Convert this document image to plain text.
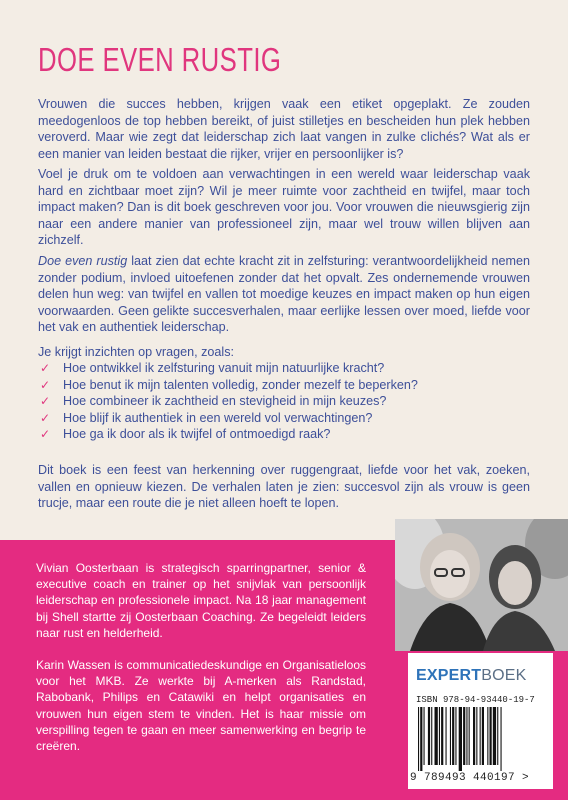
DOE EVEN RUSTIG
Vrouwen die succes hebben, krijgen vaak een etiket opgeplakt. Ze zouden meedogenloos de top hebben bereikt, of juist stilletjes en bescheiden hun plek hebben veroverd. Maar wie zegt dat leiderschap zich laat vangen in zulke clichés? Wat als er een manier van leiden bestaat die rijker, vrijer en persoonlijker is?
Voel je druk om te voldoen aan verwachtingen in een wereld waar leiderschap vaak hard en zichtbaar moet zijn? Wil je meer ruimte voor zachtheid en twijfel, maar toch impact maken? Dan is dit boek geschreven voor jou. Voor vrouwen die nieuwsgierig zijn naar een andere manier van professioneel zijn, maar wel trouw willen blijven aan zichzelf.
Doe even rustig laat zien dat echte kracht zit in zelfsturing: verantwoordelijkheid nemen zonder podium, invloed uitoefenen zonder dat het opvalt. Zes ondernemende vrouwen delen hun weg: van twijfel en vallen tot moedige keuzes en impact maken op hun eigen voorwaarden. Geen gelikte succesverhalen, maar eerlijke lessen over moed, liefde voor het vak en authentiek leiderschap.
Je krijgt inzichten op vragen, zoals:
✓ Hoe ontwikkel ik zelfsturing vanuit mijn natuurlijke kracht?
✓ Hoe benut ik mijn talenten volledig, zonder mezelf te beperken?
✓ Hoe combineer ik zachtheid en stevigheid in mijn keuzes?
✓ Hoe blijf ik authentiek in een wereld vol verwachtingen?
✓ Hoe ga ik door als ik twijfel of ontmoedigd raak?
Dit boek is een feest van herkenning over ruggengraat, liefde voor het vak, zoeken, vallen en opnieuw kiezen. De verhalen laten je zien: succesvol zijn als vrouw is geen trucje, maar een route die je niet alleen hoeft te lopen.
Vivian Oosterbaan is strategisch sparringpartner, senior & executive coach en trainer op het snijvlak van persoonlijk leiderschap en professionele impact. Na 18 jaar management bij Shell startte zij Oosterbaan Coaching. Ze begeleidt leiders naar rust en helderheid.
Karin Wassen is communicatiedeskundige en Organisatieloos voor het MKB. Ze werkte bij A-merken als Randstad, Rabobank, Philips en Catawiki en helpt organisaties en vrouwen hun eigen stem te vinden. Het is haar missie om verspilling tegen te gaan en meer samenwerking en begrip te creëren.
EXPERTBOEK
ISBN 978-94-93440-19-7
9 789493 440197 >
